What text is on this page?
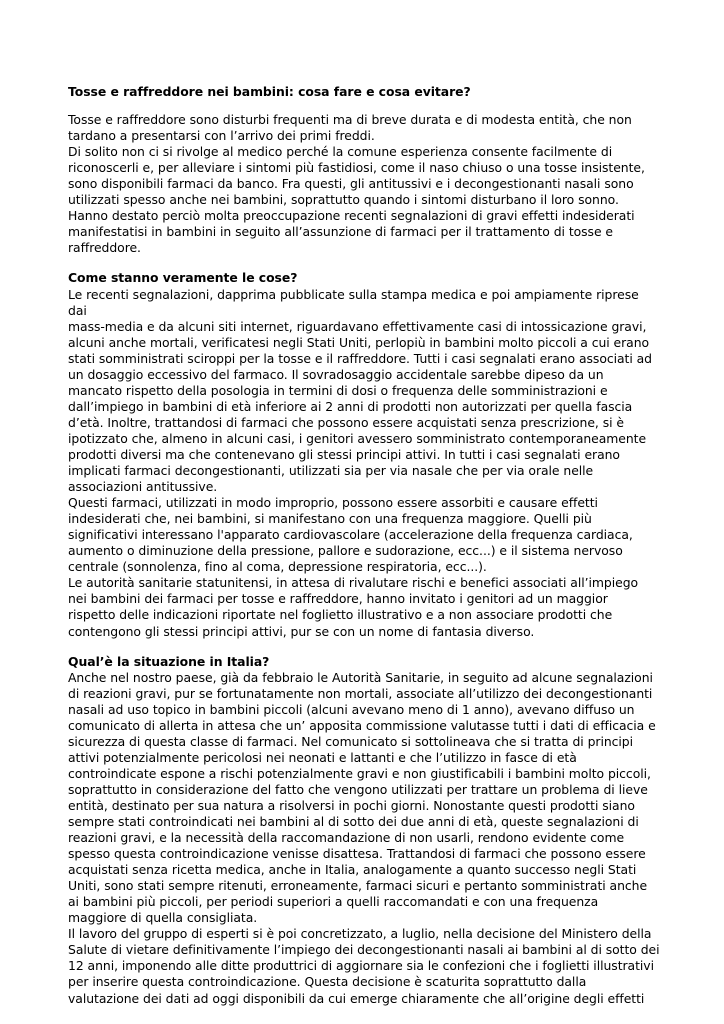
Tosse e raffreddore nei bambini: cosa fare e cosa evitare?

Tosse e raffreddore sono disturbi frequenti ma di breve durata e di modesta entità, che non
tardano a presentarsi con l’arrivo dei primi freddi.

Di solito non ci si rivolge al medico perché la comune esperienza consente facilmente di
riconoscerli e, per alleviare i sintomi più fastidiosi, come il naso chiuso o una tosse insistente,
sono disponibili farmaci da banco. Fra questi, gli antitussivi e i decongestionanti nasali sono
utilizzati spesso anche nei bambini, soprattutto quando i sintomi disturbano il loro sonno.

Hanno destato perciò molta preoccupazione recenti segnalazioni di gravi effetti indesiderati
manifestatisi in bambini in seguito all’assunzione di farmaci per il trattamento di tosse e
raffreddore.

Come stanno veramente le cose?

Le recenti segnalazioni, dapprima pubblicate sulla stampa medica e poi ampiamente riprese dai
mass-media e da alcuni siti internet, riguardavano effettivamente casi di intossicazione gravi,
alcuni anche mortali, verificatesi negli Stati Uniti, perlopiù in bambini molto piccoli a cui erano
stati somministrati sciroppi per la tosse e il raffreddore. Tutti i casi segnalati erano associati ad
un dosaggio eccessivo del farmaco. Il sovradosaggio accidentale sarebbe dipeso da un
mancato rispetto della posologia in termini di dosi o frequenza delle somministrazioni e
dall’impiego in bambini di età inferiore ai 2 anni di prodotti non autorizzati per quella fascia
d’età. Inoltre, trattandosi di farmaci che possono essere acquistati senza prescrizione, si è
ipotizzato che, almeno in alcuni casi, i genitori avessero somministrato contemporaneamente
prodotti diversi ma che contenevano gli stessi principi attivi. In tutti i casi segnalati erano
implicati farmaci decongestionanti, utilizzati sia per via nasale che per via orale nelle
associazioni antitussive.

Questi farmaci, utilizzati in modo improprio, possono essere assorbiti e causare effetti
indesiderati che, nei bambini, si manifestano con una frequenza maggiore. Quelli più
significativi interessano l'apparato cardiovascolare (accelerazione della frequenza cardiaca,
aumento o diminuzione della pressione, pallore e sudorazione, ecc...) e il sistema nervoso
centrale (sonnolenza, fino al coma, depressione respiratoria, ecc...).

Le autorità sanitarie statunitensi, in attesa di rivalutare rischi e benefici associati all’impiego
nei bambini dei farmaci per tosse e raffreddore, hanno invitato i genitori ad un maggior
rispetto delle indicazioni riportate nel foglietto illustrativo e a non associare prodotti che
contengono gli stessi principi attivi, pur se con un nome di fantasia diverso.

Qual’è la situazione in Italia?

Anche nel nostro paese, già da febbraio le Autorità Sanitarie, in seguito ad alcune segnalazioni
di reazioni gravi, pur se fortunatamente non mortali, associate all’utilizzo dei decongestionanti
nasali ad uso topico in bambini piccoli (alcuni avevano meno di 1 anno), avevano diffuso un
comunicato di allerta in attesa che un’ apposita commissione valutasse tutti i dati di efficacia e
sicurezza di questa classe di farmaci. Nel comunicato si sottolineava che si tratta di principi
attivi potenzialmente pericolosi nei neonati e lattanti e che l’utilizzo in fasce di età
controindicate espone a rischi potenzialmente gravi e non giustificabili i bambini molto piccoli,
soprattutto in considerazione del fatto che vengono utilizzati per trattare un problema di lieve
entità, destinato per sua natura a risolversi in pochi giorni. Nonostante questi prodotti siano
sempre stati controindicati nei bambini al di sotto dei due anni di età, queste segnalazioni di
reazioni gravi, e la necessità della raccomandazione di non usarli, rendono evidente come
spesso questa controindicazione venisse disattesa. Trattandosi di farmaci che possono essere
acquistati senza ricetta medica, anche in Italia, analogamente a quanto successo negli Stati
Uniti, sono stati sempre ritenuti, erroneamente, farmaci sicuri e pertanto somministrati anche
ai bambini più piccoli, per periodi superiori a quelli raccomandati e con una frequenza
maggiore di quella consigliata.

Il lavoro del gruppo di esperti si è poi concretizzato, a luglio, nella decisione del Ministero della
Salute di vietare definitivamente l’impiego dei decongestionanti nasali ai bambini al di sotto dei
12 anni, imponendo alle ditte produttrici di aggiornare sia le confezioni che i foglietti illustrativi
per inserire questa controindicazione. Questa decisione è scaturita soprattutto dalla
valutazione dei dati ad oggi disponibili da cui emerge chiaramente che all’origine degli effetti
